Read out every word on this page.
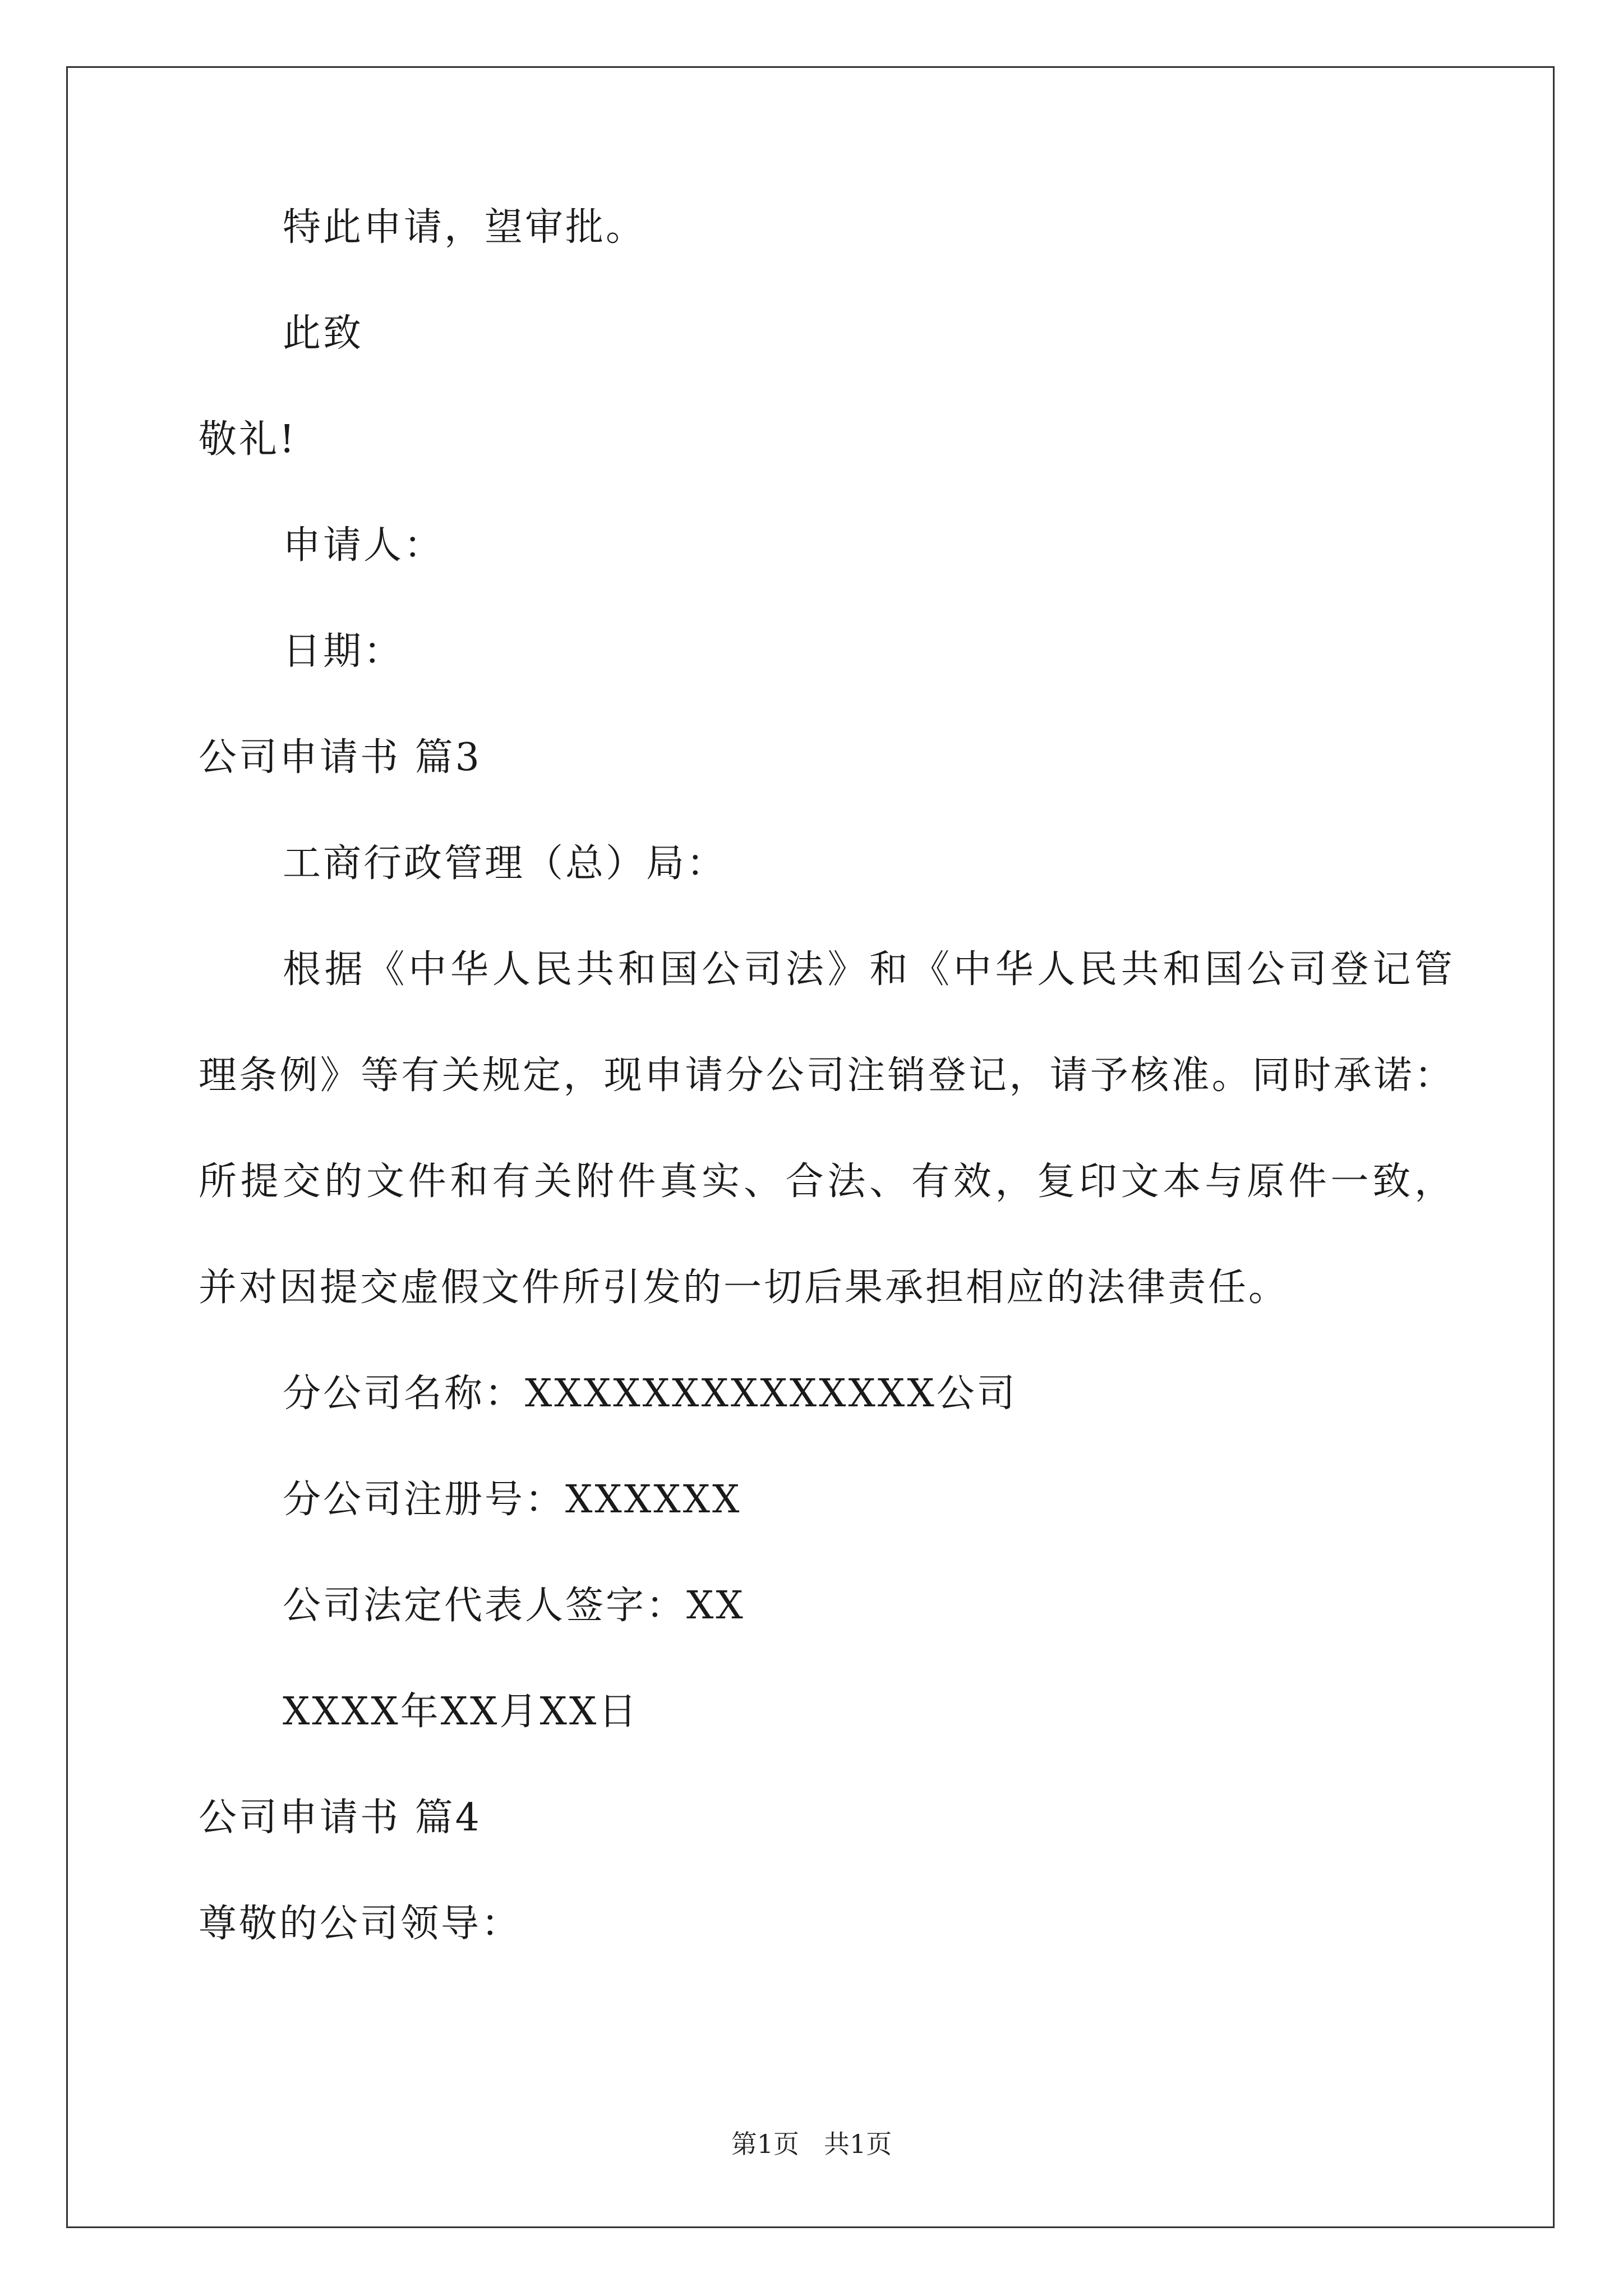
特此申请，望审批。
此致
敬礼!
申请人：
日期：
公司申请书 篇3
工商行政管理（总）局：
根据《中华人民共和国公司法》和《中华人民共和国公司登记管
理条例》等有关规定，现申请分公司注销登记，请予核准。同时承诺：
所提交的文件和有关附件真实、合法、有效，复印文本与原件一致，
并对因提交虚假文件所引发的一切后果承担相应的法律责任。
分公司名称：XXXXXXXXXXXXXX公司
分公司注册号：XXXXXX
公司法定代表人签字：XX
XXXX年XX月XX日
公司申请书 篇4
尊敬的公司领导：
第1页 共1页
